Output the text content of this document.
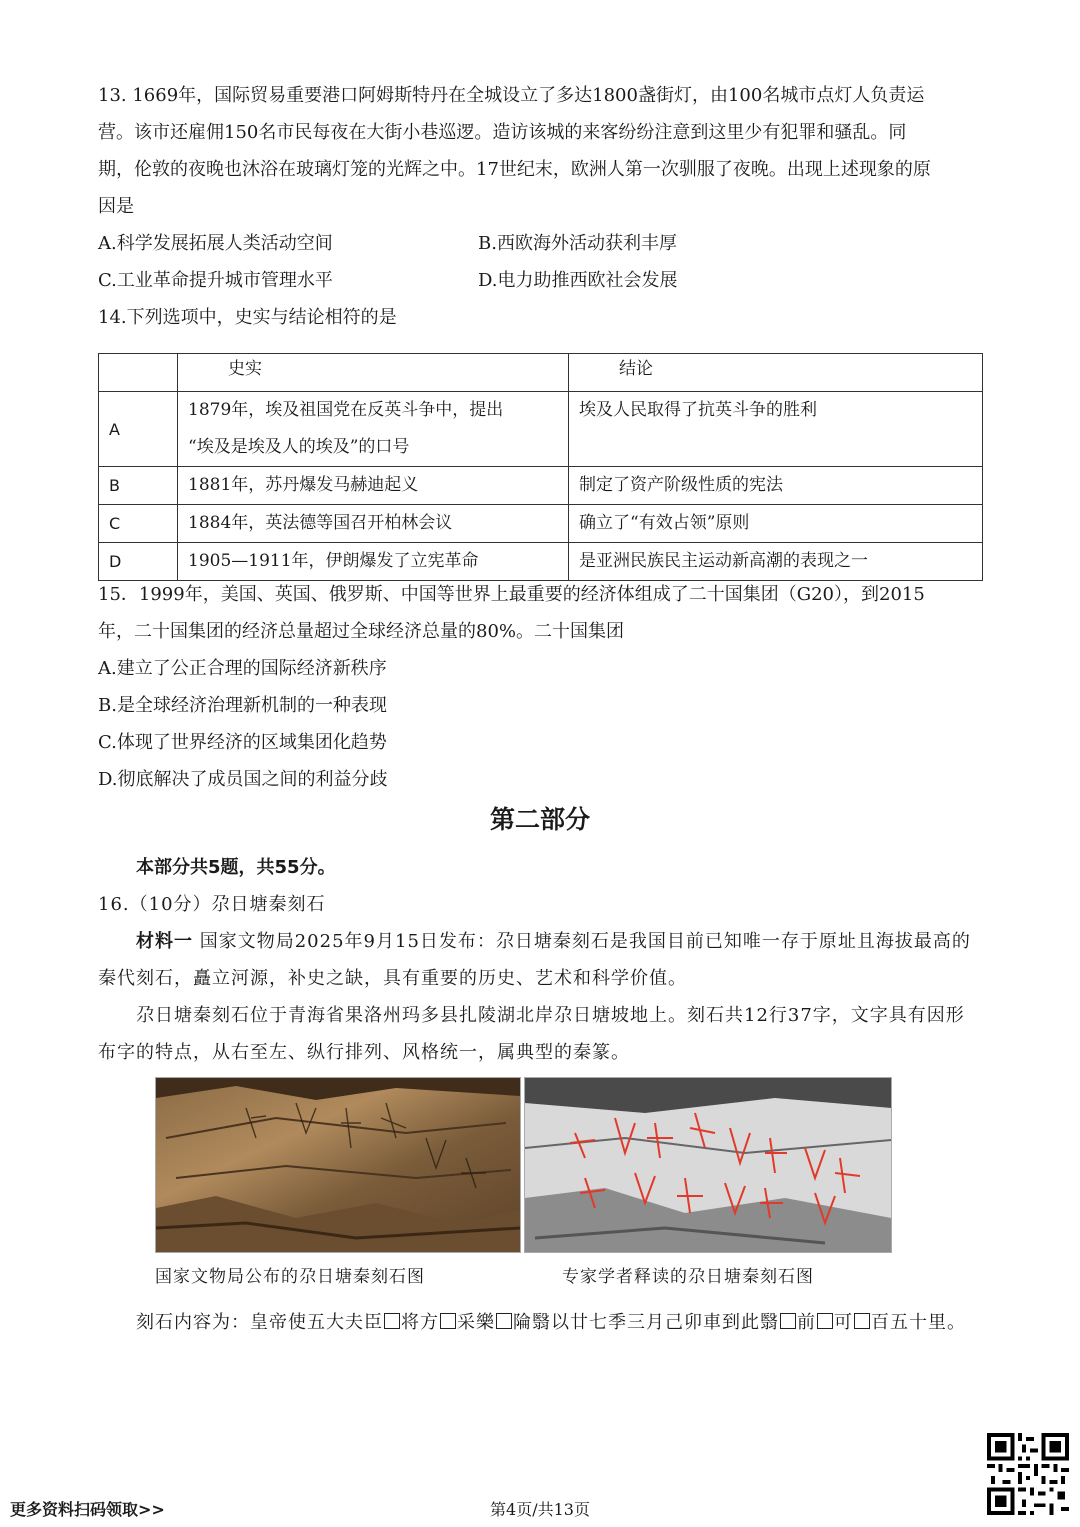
13. 1669年，国际贸易重要港口阿姆斯特丹在全城设立了多达1800盏街灯，由100名城市点灯人负责运
营。该市还雇佣150名市民每夜在大街小巷巡逻。造访该城的来客纷纷注意到这里少有犯罪和骚乱。同
期，伦敦的夜晚也沐浴在玻璃灯笼的光辉之中。17世纪末，欧洲人第一次驯服了夜晚。出现上述现象的原
因是
A.科学发展拓展人类活动空间	B.西欧海外活动获利丰厚
C.工业革命提升城市管理水平	D.电力助推西欧社会发展
14.下列选项中，史实与结论相符的是
	史实	结论
A	1879年，埃及祖国党在反英斗争中，提出
“埃及是埃及人的埃及”的口号	埃及人民取得了抗英斗争的胜利
B	1881年，苏丹爆发马赫迪起义	制定了资产阶级性质的宪法
C	1884年，英法德等国召开柏林会议	确立了“有效占领”原则
D	1905—1911年，伊朗爆发了立宪革命	是亚洲民族民主运动新高潮的表现之一
15．1999年，美国、英国、俄罗斯、中国等世界上最重要的经济体组成了二十国集团（G20），到2015
年，二十国集团的经济总量超过全球经济总量的80%。二十国集团
A.建立了公正合理的国际经济新秩序
B.是全球经济治理新机制的一种表现
C.体现了世界经济的区域集团化趋势
D.彻底解决了成员国之间的利益分歧
第二部分
本部分共5题，共55分。
16.（10分）尕日塘秦刻石
材料一 国家文物局2025年9月15日发布：尕日塘秦刻石是我国目前已知唯一存于原址且海拔最高的
秦代刻石，矗立河源，补史之缺，具有重要的历史、艺术和科学价值。
尕日塘秦刻石位于青海省果洛州玛多县扎陵湖北岸尕日塘坡地上。刻石共12行37字，文字具有因形
布字的特点，从右至左、纵行排列、风格统一，属典型的秦篆。
国家文物局公布的尕日塘秦刻石图	专家学者释读的尕日塘秦刻石图
刻石内容为：皇帝使五大夫臣 将方 采樂 陯翳以廿七季三月己卯車到此翳 前 可 百五十里。
更多资料扫码领取>>	第4页/共13页
